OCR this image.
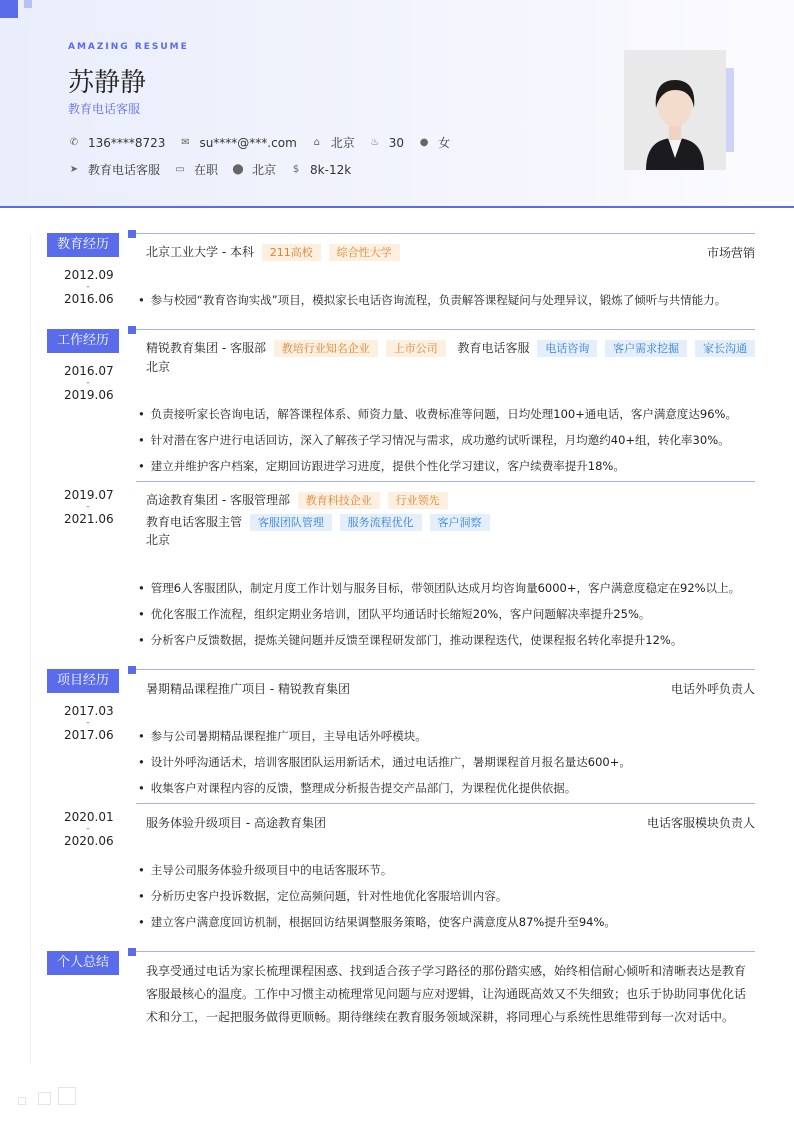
AMAZING RESUME
苏静静
教育电话客服
✆ 136****8723 ✉ su****@***.com ⌂ 北京 ♨ 30 ● 女
➤ 教育电话客服 ▭ 在职 ⬤ 北京 $ 8k-12k
教育经历
2012.09
-
2016.06
北京工业大学 - 本科 211高校 综合性大学	市场营销
• 参与校园“教育咨询实战”项目，模拟家长电话咨询流程，负责解答课程疑问与处理异议，锻炼了倾听与共情能力。
工作经历
2016.07
-
2019.06
精锐教育集团 - 客服部 教培行业知名企业 上市公司	教育电话客服 电话咨询 客户需求挖掘 家长沟通
北京
• 负责接听家长咨询电话，解答课程体系、师资力量、收费标准等问题，日均处理100+通电话，客户满意度达96%。
• 针对潜在客户进行电话回访，深入了解孩子学习情况与需求，成功邀约试听课程，月均邀约40+组，转化率30%。
• 建立并维护客户档案，定期回访跟进学习进度，提供个性化学习建议，客户续费率提升18%。
2019.07
-
2021.06
高途教育集团 - 客服管理部 教育科技企业 行业领先
教育电话客服主管 客服团队管理 服务流程优化 客户洞察
北京
• 管理6人客服团队，制定月度工作计划与服务目标，带领团队达成月均咨询量6000+，客户满意度稳定在92%以上。
• 优化客服工作流程，组织定期业务培训，团队平均通话时长缩短20%，客户问题解决率提升25%。
• 分析客户反馈数据，提炼关键问题并反馈至课程研发部门，推动课程迭代，使课程报名转化率提升12%。
项目经历
2017.03
-
2017.06
暑期精品课程推广项目 - 精锐教育集团	电话外呼负责人
• 参与公司暑期精品课程推广项目，主导电话外呼模块。
• 设计外呼沟通话术，培训客服团队运用新话术，通过电话推广，暑期课程首月报名量达600+。
• 收集客户对课程内容的反馈，整理成分析报告提交产品部门，为课程优化提供依据。
2020.01
-
2020.06
服务体验升级项目 - 高途教育集团	电话客服模块负责人
• 主导公司服务体验升级项目中的电话客服环节。
• 分析历史客户投诉数据，定位高频问题，针对性地优化客服培训内容。
• 建立客户满意度回访机制，根据回访结果调整服务策略，使客户满意度从87%提升至94%。
个人总结
我享受通过电话为家长梳理课程困惑、找到适合孩子学习路径的那份踏实感，始终相信耐心倾听和清晰表达是教育客服最核心的温度。工作中习惯主动梳理常见问题与应对逻辑，让沟通既高效又不失细致；也乐于协助同事优化话术和分工，一起把服务做得更顺畅。期待继续在教育服务领域深耕，将同理心与系统性思维带到每一次对话中。
